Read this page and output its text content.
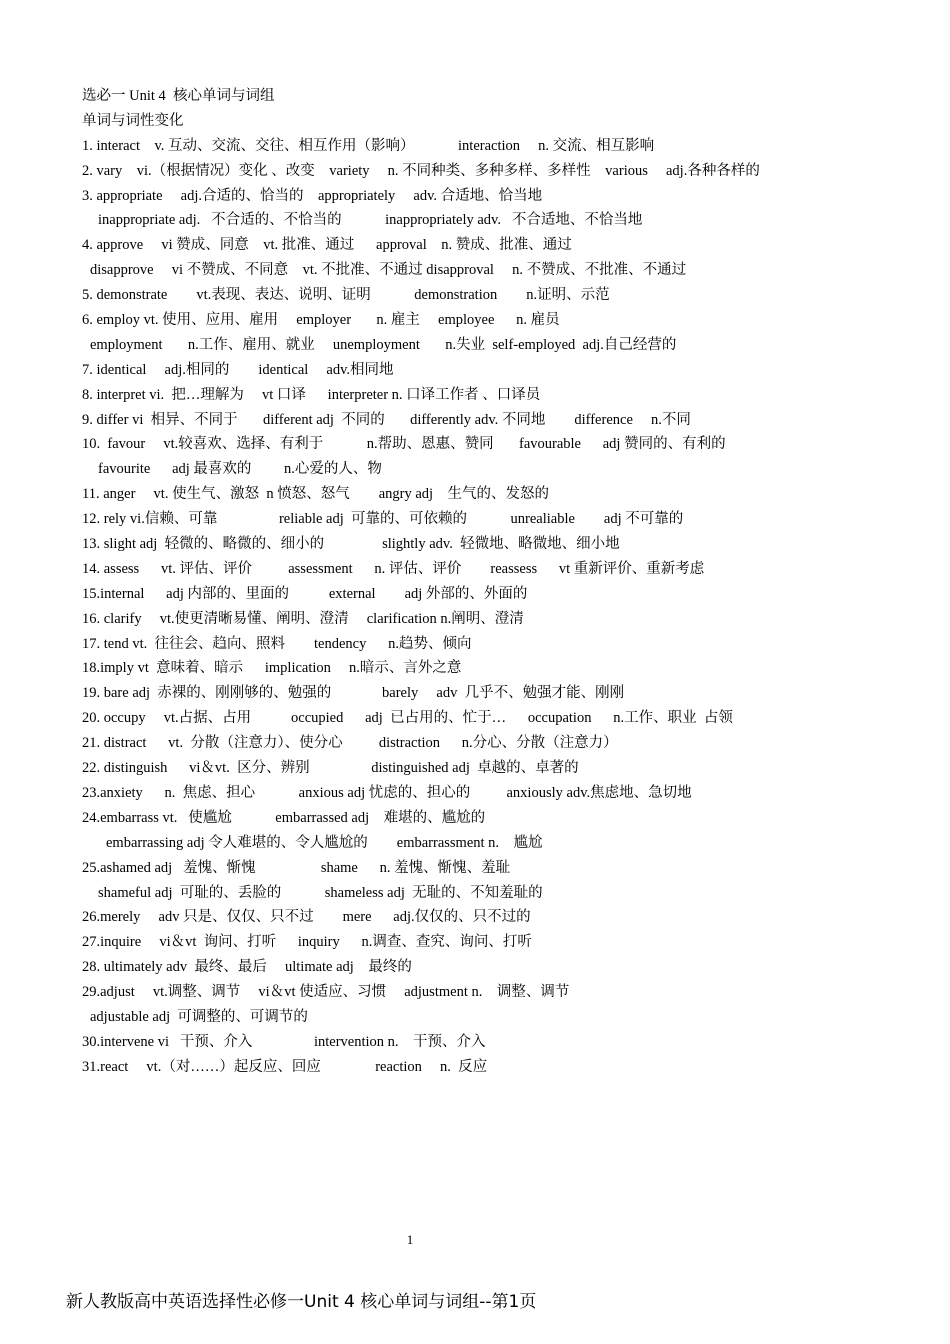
选必一 Unit 4  核心单词与词组
单词与词性变化
1. interact    v. 互动、交流、交往、相互作用（影响）            interaction     n. 交流、相互影响
2. vary    vi.（根据情况）变化 、改变    variety     n. 不同种类、多种多样、多样性    various     adj.各种各样的
3. appropriate     adj.合适的、恰当的    appropriately     adv. 合适地、恰当地
inappropriate adj.   不合适的、不恰当的            inappropriately adv.   不合适地、不恰当地
4. approve     vi 赞成、同意    vt. 批准、通过      approval    n. 赞成、批准、通过
disapprove     vi 不赞成、不同意    vt. 不批准、不通过 disapproval     n. 不赞成、不批准、不通过
5. demonstrate        vt.表现、表达、说明、证明            demonstration        n.证明、示范
6. employ vt. 使用、应用、雇用     employer       n. 雇主     employee      n. 雇员
employment       n.工作、雇用、就业     unemployment       n.失业  self-employed  adj.自己经营的
7. identical     adj.相同的        identical     adv.相同地
8. interpret vi.  把…理解为     vt 口译      interpreter n. 口译工作者 、口译员
9. differ vi  相异、不同于       different adj  不同的       differently adv. 不同地        difference     n.不同
10.  favour     vt.较喜欢、选择、有利于            n.帮助、恩惠、赞同       favourable      adj 赞同的、有利的
favourite      adj 最喜欢的         n.心爱的人、物
11. anger     vt. 使生气、激怒  n 愤怒、怒气        angry adj    生气的、发怒的
12. rely vi.信赖、可靠                 reliable adj  可靠的、可依赖的            unrealiable        adj 不可靠的
13. slight adj  轻微的、略微的、细小的                slightly adv.  轻微地、略微地、细小地
14. assess      vt. 评估、评价          assessment      n. 评估、评价        reassess      vt 重新评价、重新考虑
15.internal      adj 内部的、里面的           external        adj 外部的、外面的
16. clarify     vt.使更清晰易懂、阐明、澄清     clarification n.阐明、澄清
17. tend vt.  往往会、趋向、照料        tendency      n.趋势、倾向
18.imply vt  意味着、暗示      implication     n.暗示、言外之意
19. bare adj  赤裸的、刚刚够的、勉强的              barely     adv  几乎不、勉强才能、刚刚
20. occupy     vt.占据、占用           occupied      adj  已占用的、忙于…      occupation      n.工作、职业  占领
21. distract      vt.  分散（注意力）、使分心          distraction      n.分心、分散（注意力）
22. distinguish      vi＆vt.  区分、辨别                 distinguished adj  卓越的、卓著的
23.anxiety      n.  焦虑、担心            anxious adj 忧虑的、担心的          anxiously adv.焦虑地、急切地
24.embarrass vt.   使尴尬            embarrassed adj    难堪的、尴尬的
embarrassing adj 令人难堪的、令人尴尬的        embarrassment n.    尴尬
25.ashamed adj   羞愧、惭愧                  shame      n. 羞愧、惭愧、羞耻
shameful adj  可耻的、丢脸的            shameless adj  无耻的、不知羞耻的
26.merely     adv 只是、仅仅、只不过        mere      adj.仅仅的、只不过的
27.inquire     vi＆vt  询问、打听      inquiry      n.调查、查究、询问、打听
28. ultimately adv  最终、最后     ultimate adj    最终的
29.adjust     vt.调整、调节     vi＆vt 使适应、习惯     adjustment n.    调整、调节
adjustable adj  可调整的、可调节的
30.intervene vi   干预、介入                 intervention n.    干预、介入
31.react     vt.（对……）起反应、回应               reaction     n.  反应
1
新人教版高中英语选择性必修一Unit 4 核心单词与词组--第1页
